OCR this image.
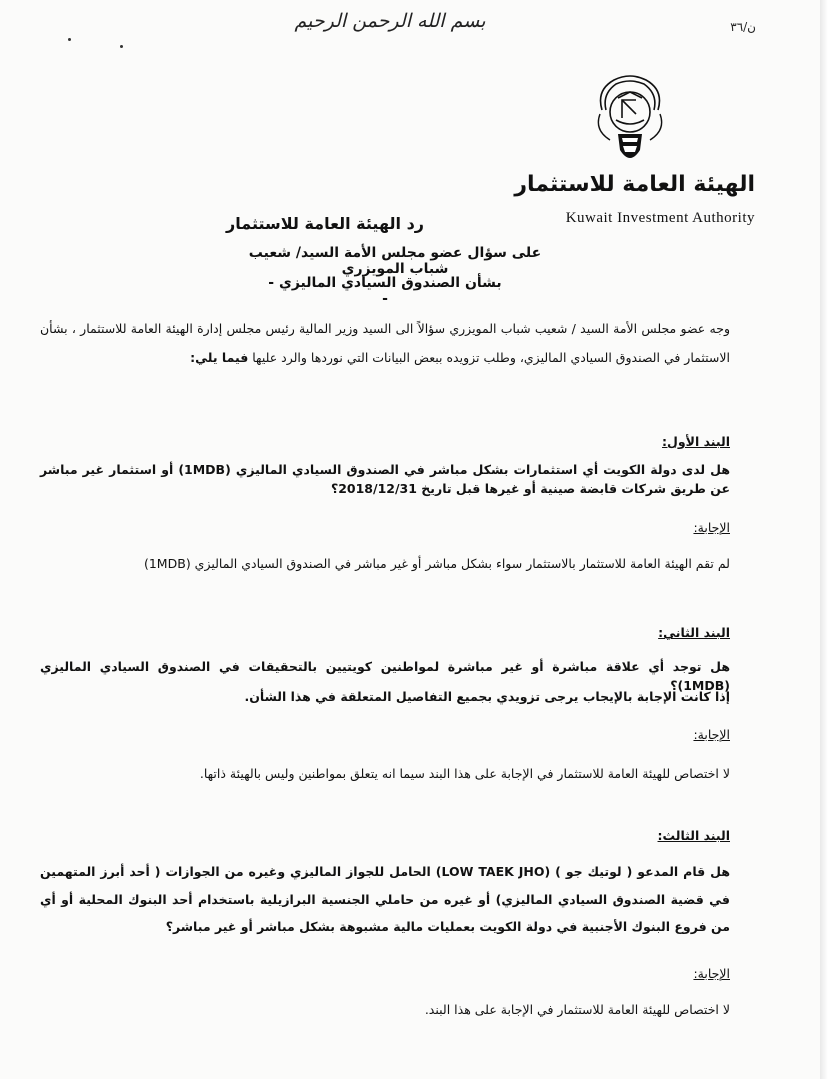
بسم الله الرحمن الرحيم	ن/٣٦
الهيئة العامة للاستثمار
Kuwait Investment Authority
رد الهيئة العامة للاستثمار
على سؤال عضو مجلس الأمة السيد/ شعيب شباب المويزري
- بشأن الصندوق السيادي الماليزي -
وجه عضو مجلس الأمة السيد / شعيب شباب المويزري سؤالاً الى السيد وزير المالية رئيس مجلس إدارة الهيئة العامة للاستثمار ، بشأن الاستثمار في الصندوق السيادي الماليزي، وطلب تزويده ببعض البيانات التي نوردها والرد عليها فيما يلي:
البند الأول:
هل لدى دولة الكويت أي استثمارات بشكل مباشر في الصندوق السيادي الماليزي (1MDB) أو استثمار غير مباشر عن طريق شركات قابضة صينية أو غيرها قبل تاريخ 2018/12/31؟
الإجابة:
لم تقم الهيئة العامة للاستثمار بالاستثمار سواء بشكل مباشر أو غير مباشر في الصندوق السيادي الماليزي (1MDB)
البند الثاني:
هل توجد أي علاقة مباشرة أو غير مباشرة لمواطنين كويتيين بالتحقيقات في الصندوق السيادي الماليزي (1MDB)؟
إذا كانت الإجابة بالإيجاب يرجى تزويدي بجميع التفاصيل المتعلقة في هذا الشأن.
الإجابة:
لا اختصاص للهيئة العامة للاستثمار في الإجابة على هذا البند سيما انه يتعلق بمواطنين وليس بالهيئة ذاتها.
البند الثالث:
هل قام المدعو ( لوتيك جو ) (LOW TAEK JHO) الحامل للجواز الماليزي وغيره من الجوازات ( أحد أبرز المتهمين في قضية الصندوق السيادي الماليزي) أو غيره من حاملي الجنسية البرازيلية باستخدام أحد البنوك المحلية أو أي من فروع البنوك الأجنبية في دولة الكويت بعمليات مالية مشبوهة بشكل مباشر أو غير مباشر؟
الإجابة:
لا اختصاص للهيئة العامة للاستثمار في الإجابة على هذا البند.
